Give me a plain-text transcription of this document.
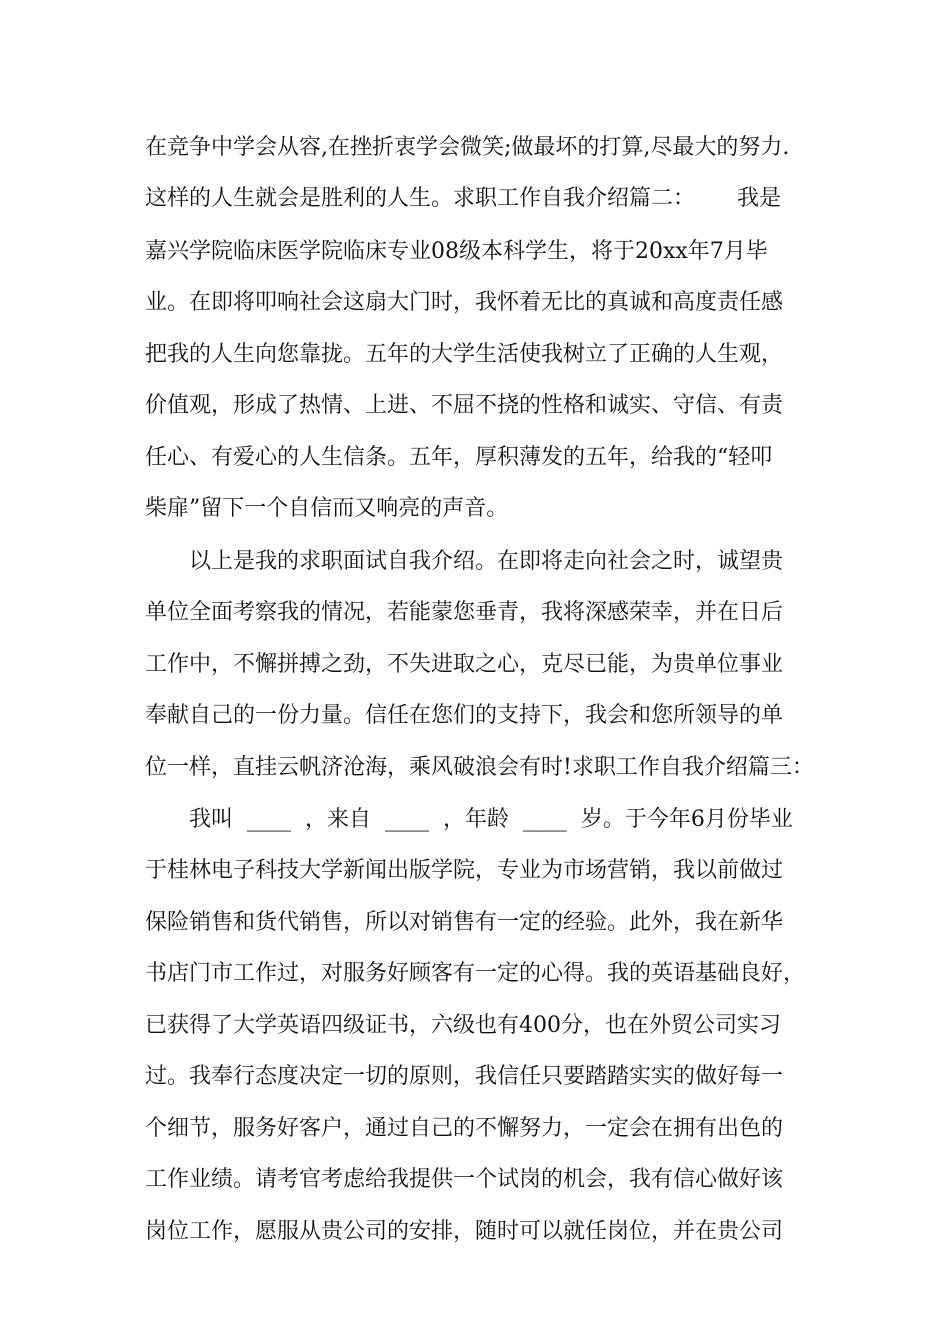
在竞争中学会从容,在挫折衷学会微笑;做最坏的打算,尽最大的努力.
这样的人生就会是胜利的人生。求职工作自我介绍篇二：      我是
嘉兴学院临床医学院临床专业08级本科学生，将于20xx年7月毕
业。在即将叩响社会这扇大门时，我怀着无比的真诚和高度责任感
把我的人生向您靠拢。五年的大学生活使我树立了正确的人生观，
价值观，形成了热情、上进、不屈不挠的性格和诚实、守信、有责
任心、有爱心的人生信条。五年，厚积薄发的五年，给我的“轻叩
柴扉”留下一个自信而又响亮的声音。
以上是我的求职面试自我介绍。在即将走向社会之时，诚望贵
单位全面考察我的情况，若能蒙您垂青，我将深感荣幸，并在日后
工作中，不懈拼搏之劲，不失进取之心，克尽已能，为贵单位事业
奉献自己的一份力量。信任在您们的支持下，我会和您所领导的单
位一样，直挂云帆济沧海，乘风破浪会有时!求职工作自我介绍篇三：
我叫  ____  ，来自  ____  ，年龄  ____  岁。于今年6月份毕业
于桂林电子科技大学新闻出版学院，专业为市场营销，我以前做过
保险销售和货代销售，所以对销售有一定的经验。此外，我在新华
书店门市工作过，对服务好顾客有一定的心得。我的英语基础良好，
已获得了大学英语四级证书，六级也有400分，也在外贸公司实习
过。我奉行态度决定一切的原则，我信任只要踏踏实实的做好每一
个细节，服务好客户，通过自己的不懈努力，一定会在拥有出色的
工作业绩。请考官考虑给我提供一个试岗的机会，我有信心做好该
岗位工作，愿服从贵公司的安排，随时可以就任岗位，并在贵公司
